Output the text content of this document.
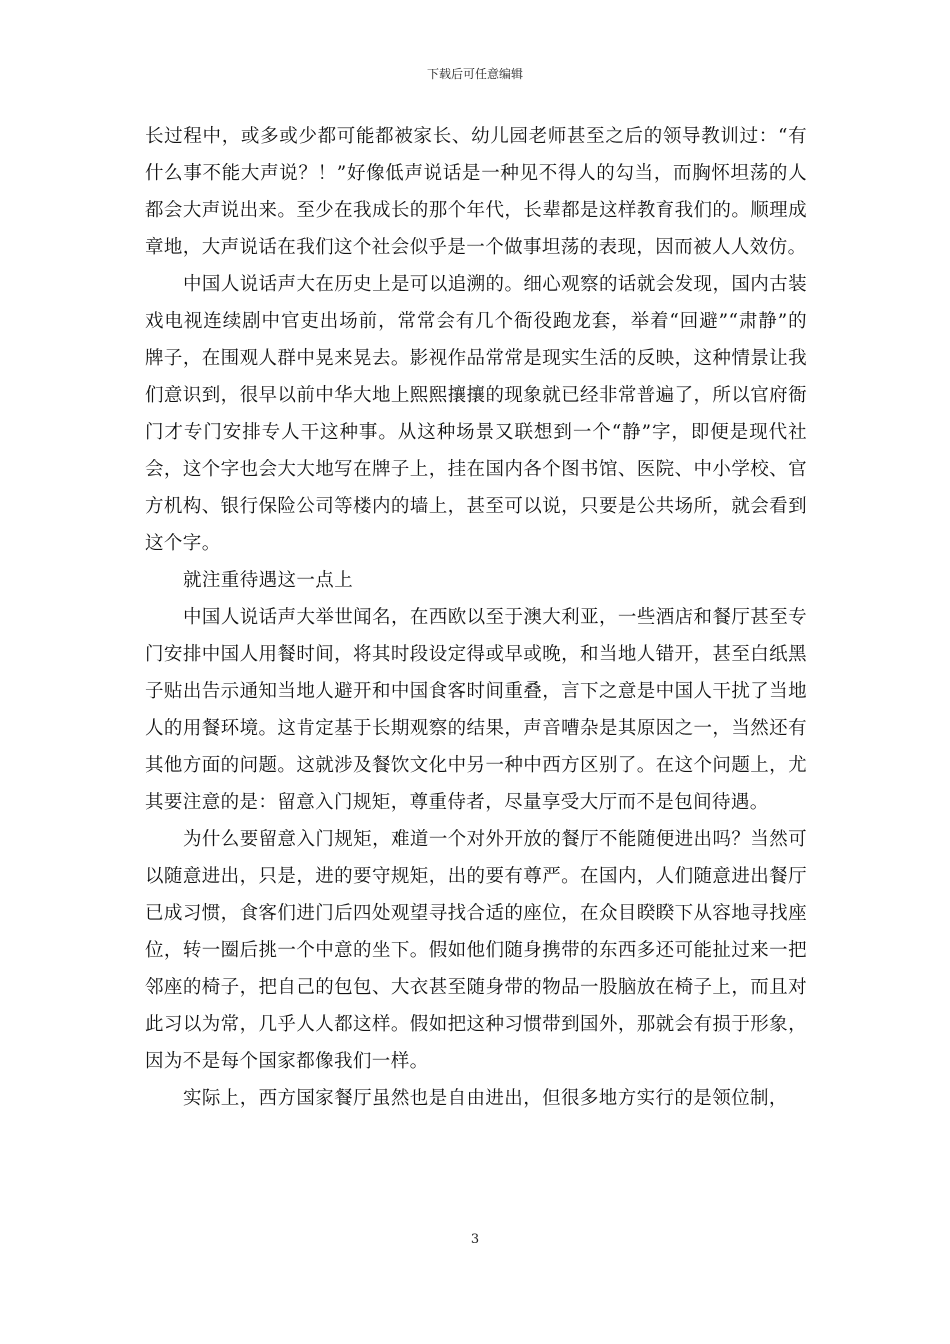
下载后可任意编辑

长过程中，或多或少都可能都被家长、幼儿园老师甚至之后的领导教训过：“有什么事不能大声说？！”好像低声说话是一种见不得人的勾当，而胸怀坦荡的人都会大声说出来。至少在我成长的那个年代，长辈都是这样教育我们的。顺理成章地，大声说话在我们这个社会似乎是一个做事坦荡的表现，因而被人人效仿。

中国人说话声大在历史上是可以追溯的。细心观察的话就会发现，国内古装戏电视连续剧中官吏出场前，常常会有几个衙役跑龙套，举着“回避”“肃静”的牌子，在围观人群中晃来晃去。影视作品常常是现实生活的反映，这种情景让我们意识到，很早以前中华大地上熙熙攘攘的现象就已经非常普遍了，所以官府衙门才专门安排专人干这种事。从这种场景又联想到一个“静”字，即便是现代社会，这个字也会大大地写在牌子上，挂在国内各个图书馆、医院、中小学校、官方机构、银行保险公司等楼内的墙上，甚至可以说，只要是公共场所，就会看到这个字。

就注重待遇这一点上

中国人说话声大举世闻名，在西欧以至于澳大利亚，一些酒店和餐厅甚至专门安排中国人用餐时间，将其时段设定得或早或晚，和当地人错开，甚至白纸黑子贴出告示通知当地人避开和中国食客时间重叠，言下之意是中国人干扰了当地人的用餐环境。这肯定基于长期观察的结果，声音嘈杂是其原因之一，当然还有其他方面的问题。这就涉及餐饮文化中另一种中西方区别了。在这个问题上，尤其要注意的是：留意入门规矩，尊重侍者，尽量享受大厅而不是包间待遇。

为什么要留意入门规矩，难道一个对外开放的餐厅不能随便进出吗？当然可以随意进出，只是，进的要守规矩，出的要有尊严。在国内，人们随意进出餐厅已成习惯，食客们进门后四处观望寻找合适的座位，在众目睽睽下从容地寻找座位，转一圈后挑一个中意的坐下。假如他们随身携带的东西多还可能扯过来一把邻座的椅子，把自己的包包、大衣甚至随身带的物品一股脑放在椅子上，而且对此习以为常，几乎人人都这样。假如把这种习惯带到国外，那就会有损于形象，因为不是每个国家都像我们一样。

实际上，西方国家餐厅虽然也是自由进出，但很多地方实行的是领位制，

3
